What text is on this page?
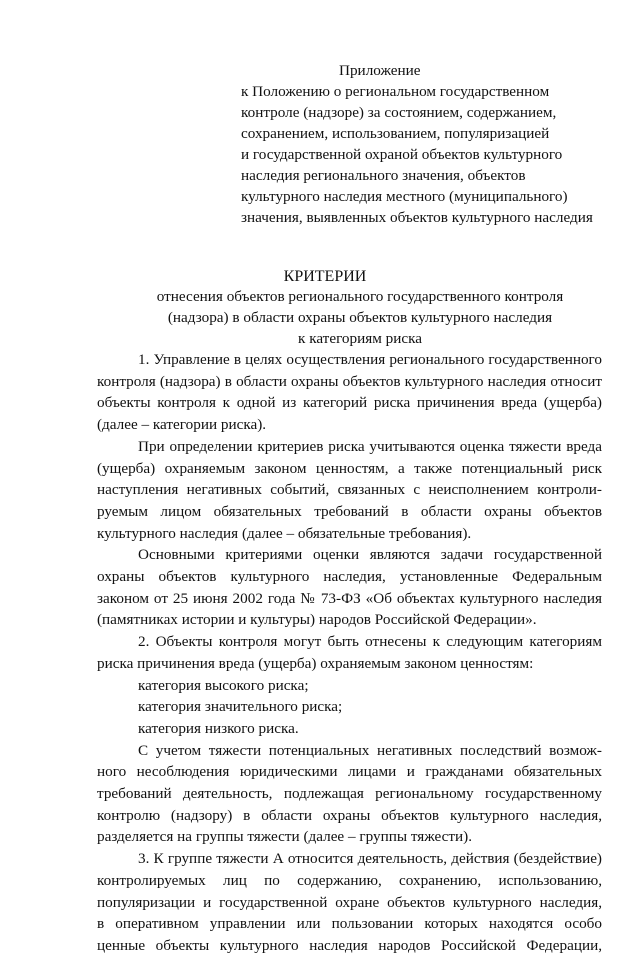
Приложение

к Положению о региональном государственном
контроле (надзоре) за состоянием, содержанием,
сохранением, использованием, популяризацией
и государственной охраной объектов культурного
наследия регионального значения, объектов
культурного наследия местного (муниципального)
значения, выявленных объектов культурного наследия
КРИТЕРИИ
отнесения объектов регионального государственного контроля
(надзора) в области охраны объектов культурного наследия
к категориям риска
1. Управление в целях осуществления регионального государственного
контроля (надзора) в области охраны объектов культурного наследия относит
объекты контроля к одной из категорий риска причинения вреда (ущерба)
(далее – категории риска).
При определении критериев риска учитываются оценка тяжести вреда
(ущерба) охраняемым законом ценностям, а также потенциальный риск
наступления негативных событий, связанных с неисполнением контроли-
руемым лицом обязательных требований в области охраны объектов
культурного наследия (далее – обязательные требования).
Основными критериями оценки являются задачи государственной
охраны объектов культурного наследия, установленные Федеральным
законом от 25 июня 2002 года № 73-ФЗ «Об объектах культурного наследия
(памятниках истории и культуры) народов Российской Федерации».
2. Объекты контроля могут быть отнесены к следующим категориям
риска причинения вреда (ущерба) охраняемым законом ценностям:
категория высокого риска;
категория значительного риска;
категория низкого риска.
С учетом тяжести потенциальных негативных последствий возмож-
ного несоблюдения юридическими лицами и гражданами обязательных
требований деятельность, подлежащая региональному государственному
контролю (надзору) в области охраны объектов культурного наследия,
разделяется на группы тяжести (далее – группы тяжести).
3. К группе тяжести А относится деятельность, действия (бездействие)
контролируемых лиц по содержанию, сохранению, использованию,
популяризации и государственной охране объектов культурного наследия,
в оперативном управлении или пользовании которых находятся особо
ценные объекты культурного наследия народов Российской Федерации,
